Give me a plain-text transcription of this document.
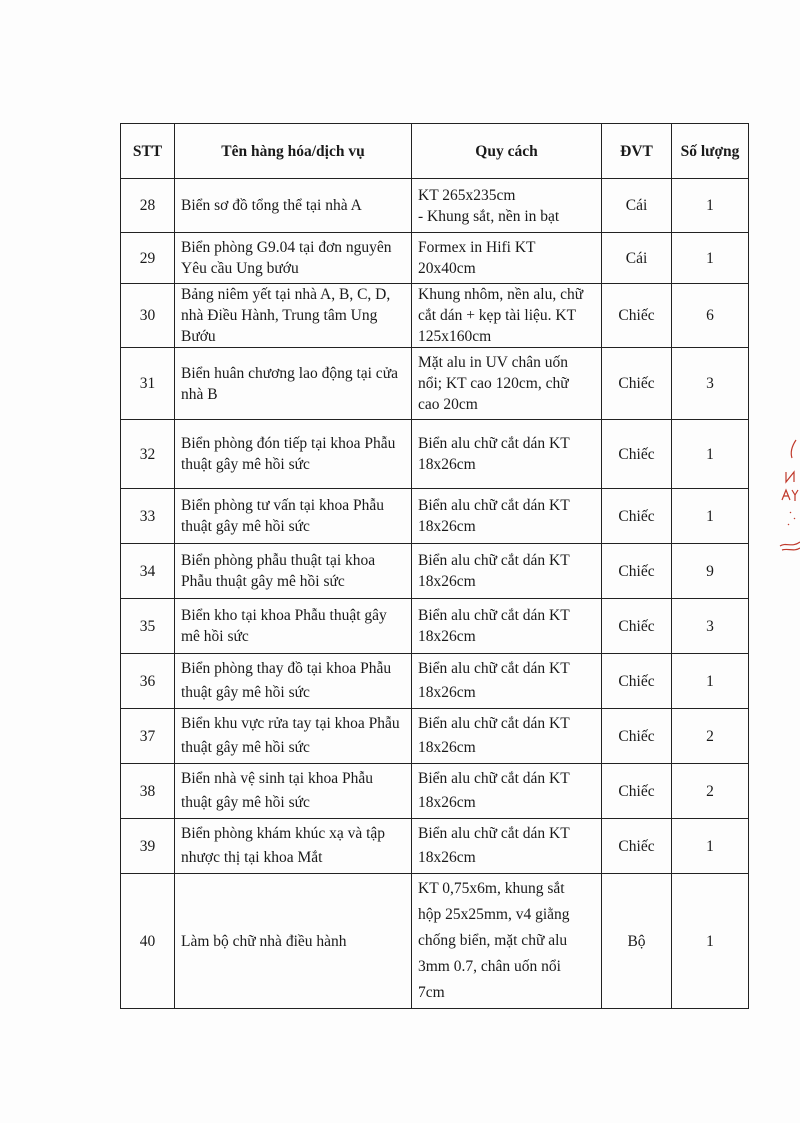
STT	Tên hàng hóa/dịch vụ	Quy cách	ĐVT	Số lượng
28	Biển sơ đồ tổng thể tại nhà A	KT 265x235cm
- Khung sắt, nền in bạt	Cái	1
29	Biển phòng G9.04 tại đơn nguyên
Yêu cầu Ung bướu	Formex in Hifi KT
20x40cm	Cái	1
30	Bảng niêm yết tại nhà A, B, C, D,
nhà Điều Hành, Trung tâm Ung
Bướu	Khung nhôm, nền alu, chữ
cắt dán + kẹp tài liệu. KT
125x160cm	Chiếc	6
31	Biển huân chương lao động tại cửa
nhà B	Mặt alu in UV chân uốn
nổi; KT cao 120cm, chữ
cao 20cm	Chiếc	3
32	Biển phòng đón tiếp tại khoa Phẫu
thuật gây mê hồi sức	Biển alu chữ cắt dán KT
18x26cm	Chiếc	1
33	Biển phòng tư vấn tại khoa Phẫu
thuật gây mê hồi sức	Biển alu chữ cắt dán KT
18x26cm	Chiếc	1
34	Biển phòng phẫu thuật tại khoa
Phẫu thuật gây mê hồi sức	Biển alu chữ cắt dán KT
18x26cm	Chiếc	9
35	Biển kho tại khoa Phẫu thuật gây
mê hồi sức	Biển alu chữ cắt dán KT
18x26cm	Chiếc	3
36	Biển phòng thay đồ tại khoa Phẫu
thuật gây mê hồi sức	Biển alu chữ cắt dán KT
18x26cm	Chiếc	1
37	Biển khu vực rửa tay tại khoa Phẫu
thuật gây mê hồi sức	Biển alu chữ cắt dán KT
18x26cm	Chiếc	2
38	Biển nhà vệ sinh tại khoa Phẫu
thuật gây mê hồi sức	Biển alu chữ cắt dán KT
18x26cm	Chiếc	2
39	Biển phòng khám khúc xạ và tập
nhược thị tại khoa Mắt	Biển alu chữ cắt dán KT
18x26cm	Chiếc	1
40	Làm bộ chữ nhà điều hành	KT 0,75x6m, khung sắt
hộp 25x25mm, v4 giằng
chống biển, mặt chữ alu
3mm 0.7, chân uốn nổi
7cm	Bộ	1
